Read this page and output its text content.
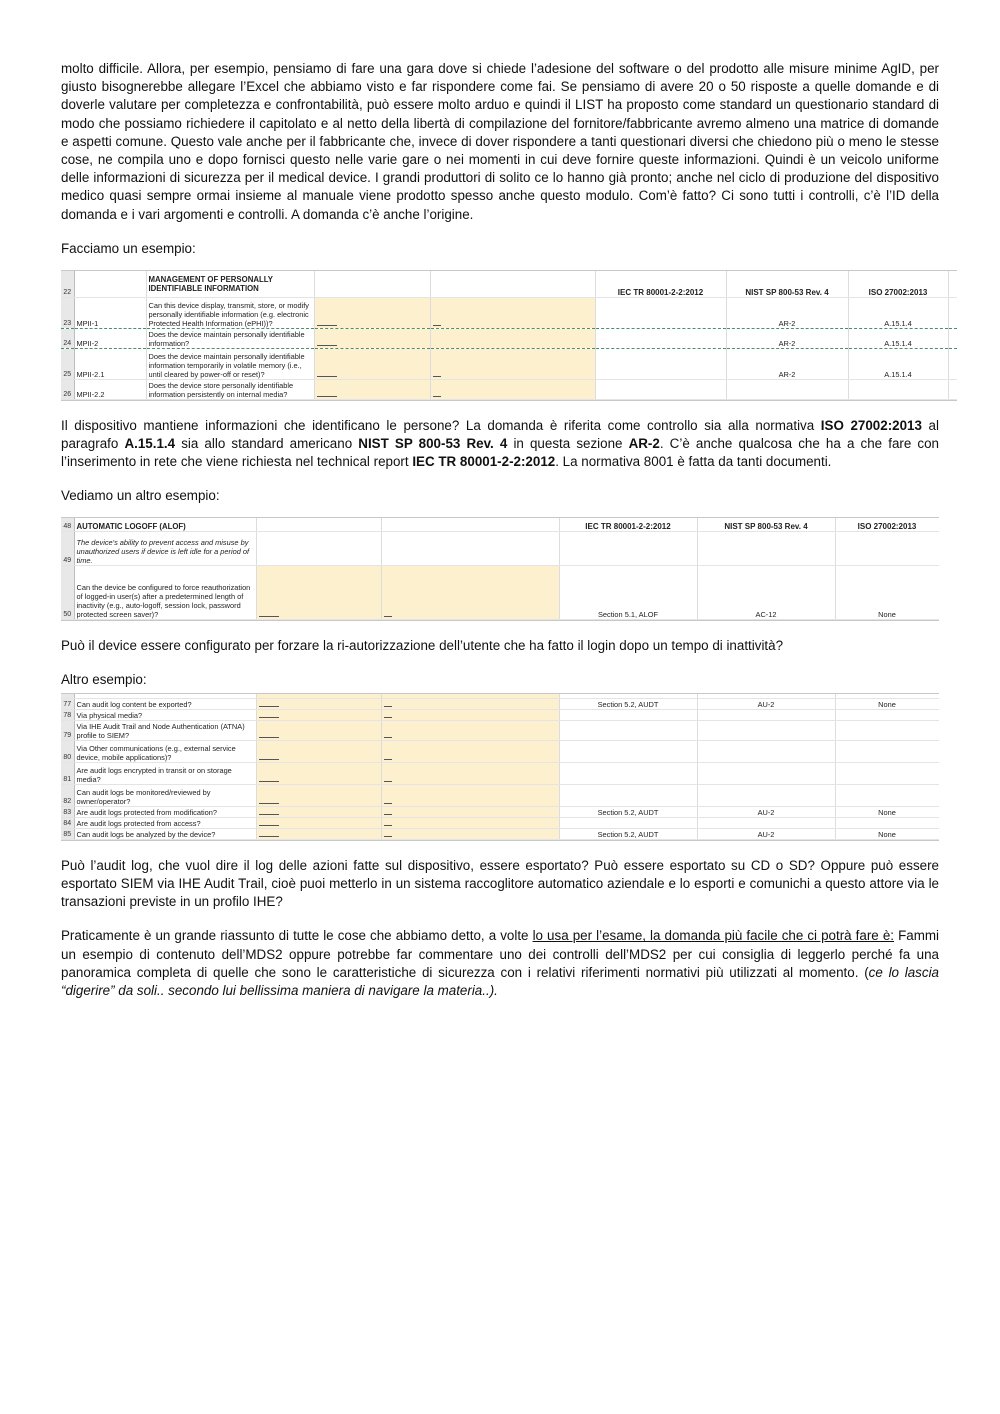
molto difficile. Allora, per esempio, pensiamo di fare una gara dove si chiede l’adesione del software o del prodotto alle misure minime AgID, per giusto bisognerebbe allegare l’Excel che abbiamo visto e far rispondere come fai. Se pensiamo di avere 20 o 50 risposte a quelle domande e di doverle valutare per completezza e confrontabilità, può essere molto arduo e quindi il LIST ha proposto come standard un questionario standard di modo che possiamo richiedere il capitolato e al netto della libertà di compilazione del fornitore/fabbricante avremo almeno una matrice di domande e aspetti comune. Questo vale anche per il fabbricante che, invece di dover rispondere a tanti questionari diversi che chiedono più o meno le stesse cose, ne compila uno e dopo fornisci questo nelle varie gare o nei momenti in cui deve fornire queste informazioni. Quindi è un veicolo uniforme delle informazioni di sicurezza per il medical device. I grandi produttori di solito ce lo hanno già pronto; anche nel ciclo di produzione del dispositivo medico quasi sempre ormai insieme al manuale viene prodotto spesso anche questo modulo. Com’è fatto? Ci sono tutti i controlli, c’è l’ID della domanda e i vari argomenti e controlli. A domanda c’è anche l’origine.

Facciamo un esempio:

22		MANAGEMENT OF PERSONALLY IDENTIFIABLE INFORMATION			IEC TR 80001-2-2:2012	NIST SP 800-53 Rev. 4	ISO 27002:2013	
23	MPII-1	Can this device display, transmit, store, or modify personally identifiable information (e.g. electronic Protected Health Information (ePHI))?				AR-2	A.15.1.4	
24	MPII-2	Does the device maintain personally identifiable information?				AR-2	A.15.1.4	
25	MPII-2.1	Does the device maintain personally identifiable information temporarily in volatile memory (i.e., until cleared by power-off or reset)?				AR-2	A.15.1.4	
26	MPII-2.2	Does the device store personally identifiable information persistently on internal media?						

Il dispositivo mantiene informazioni che identificano le persone? La domanda è riferita come controllo sia alla normativa ISO 27002:2013 al paragrafo A.15.1.4 sia allo standard americano NIST SP 800-53 Rev. 4 in questa sezione AR-2. C’è anche qualcosa che ha a che fare con l’inserimento in rete che viene richiesta nel technical report IEC TR 80001-2-2:2012. La normativa 8001 è fatta da tanti documenti.

Vediamo un altro esempio:

48	AUTOMATIC LOGOFF (ALOF)			IEC TR 80001-2-2:2012	NIST SP 800-53 Rev. 4	ISO 27002:2013
49	The device's ability to prevent access and misuse by unauthorized users if device is left idle for a period of time.					
50	Can the device be configured to force reauthorization of logged-in user(s) after a predetermined length of inactivity (e.g., auto-logoff, session lock, password protected screen saver)?			Section 5.1, ALOF	AC-12	None

Può il device essere configurato per forzare la ri-autorizzazione dell’utente che ha fatto il login dopo un tempo di inattività?

Altro esempio:

77	Can audit log content be exported?			Section 5.2, AUDT	AU-2	None
78	Via physical media?					
79	Via IHE Audit Trail and Node Authentication (ATNA) profile to SIEM?					
80	Via Other communications (e.g., external service device, mobile applications)?					
81	Are audit logs encrypted in transit or on storage media?					
82	Can audit logs be monitored/reviewed by owner/operator?					
83	Are audit logs protected from modification?			Section 5.2, AUDT	AU-2	None
84	Are audit logs protected from access?					
85	Can audit logs be analyzed by the device?			Section 5.2, AUDT	AU-2	None

Può l’audit log, che vuol dire il log delle azioni fatte sul dispositivo, essere esportato? Può essere esportato su CD o SD? Oppure può essere esportato SIEM via IHE Audit Trail, cioè puoi metterlo in un sistema raccoglitore automatico aziendale e lo esporti e comunichi a questo attore via le transazioni previste in un profilo IHE?

Praticamente è un grande riassunto di tutte le cose che abbiamo detto, a volte lo usa per l’esame, la domanda più facile che ci potrà fare è: Fammi un esempio di contenuto dell’MDS2 oppure potrebbe far commentare uno dei controlli dell’MDS2 per cui consiglia di leggerlo perché fa una panoramica completa di quelle che sono le caratteristiche di sicurezza con i relativi riferimenti normativi più utilizzati al momento. (ce lo lascia “digerire” da soli.. secondo lui bellissima maniera di navigare la materia..).
